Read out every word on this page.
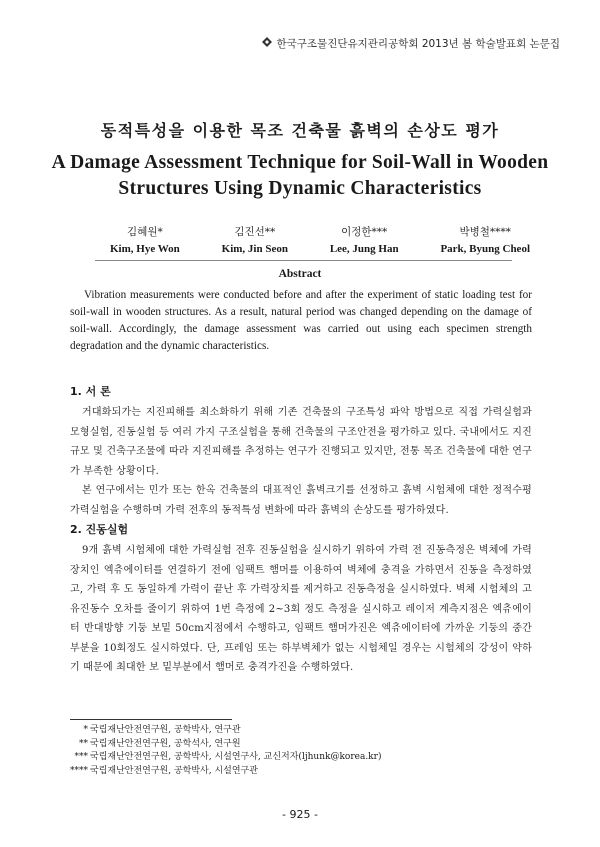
한국구조물진단유지관리공학회 2013년 봄 학술발표회 논문집
동적특성을 이용한 목조 건축물 흙벽의 손상도 평가
A Damage Assessment Technique for Soil-Wall in Wooden
Structures Using Dynamic Characteristics
김혜원*
Kim, Hye Won
김진선**
Kim, Jin Seon
이정한***
Lee, Jung Han
박병철****
Park, Byung Cheol
Abstract
Vibration measurements were conducted before and after the experiment of static loading test for soil-wall in wooden structures. As a result, natural period was changed depending on the damage of soil-wall. Accordingly, the damage assessment was carried out using each specimen strength degradation and the dynamic characteristics.
1. 서 론

거대화되가는 지진피해를 최소화하기 위해 기존 건축물의 구조특성 파악 방법으로 직접 가력실험과 모형실험, 진동실험 등 여러 가지 구조실험을 통해 건축물의 구조안전을 평가하고 있다. 국내에서도 지진규모 및 건축구조물에 따라 지진피해를 추정하는 연구가 진행되고 있지만, 전통 목조 건축물에 대한 연구가 부족한 상황이다.

본 연구에서는 민가 또는 한옥 건축물의 대표적인 흙벽크기를 선정하고 흙벽 시험체에 대한 정적수평가력실험을 수행하며 가력 전후의 동적특성 변화에 따라 흙벽의 손상도를 평가하였다.

2. 진동실험

9개 흙벽 시험체에 대한 가력실험 전후 진동실험을 실시하기 위하여 가력 전 진동측정은 벽체에 가력장치인 엑츄에이터를 연결하기 전에 임팩트 햄머를 이용하여 벽체에 충격을 가하면서 진동을 측정하였고, 가력 후 도 동일하게 가력이 끝난 후 가력장치를 제거하고 진동측정을 실시하였다. 벽체 시험체의 고유진동수 오차를 줄이기 위하여 1번 측정에 2~3회 정도 측정을 실시하고 레이저 계측지점은 엑츄에이터 반대방향 기둥 보밑 50cm지점에서 수행하고, 임팩트 햄머가진은 엑츄에이터에 가까운 기둥의 중간부분을 10회정도 실시하였다. 단, 프레임 또는 하부벽체가 없는 시험체일 경우는 시험체의 강성이 약하기 때문에 최대한 보 밑부분에서 햄머로 충격가진을 수행하였다.

* 국립재난안전연구원, 공학박사, 연구관
** 국립재난안전연구원, 공학석사, 연구원
*** 국립재난안전연구원, 공학박사, 시설연구사, 교신저자(ljhunk@korea.kr)
**** 국립재난안전연구원, 공학박사, 시설연구관
- 925 -
